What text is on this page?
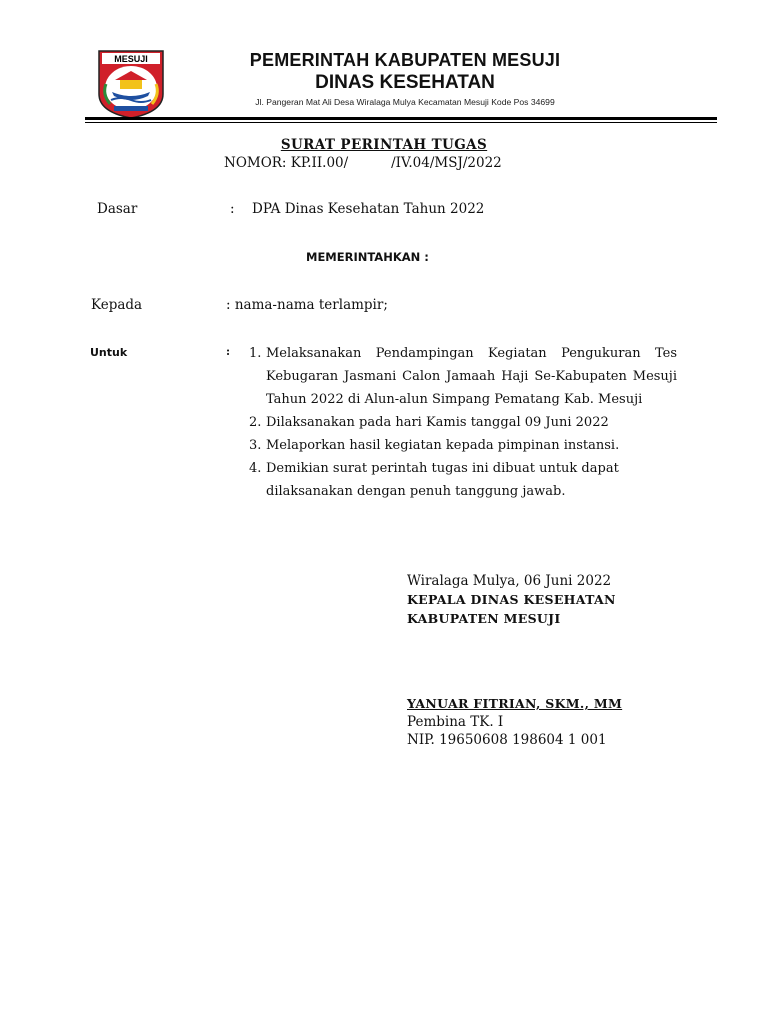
MESUJI	PEMERINTAH KABUPATEN MESUJI
DINAS KESEHATAN
Jl. Pangeran Mat Ali Desa Wiralaga Mulya Kecamatan Mesuji Kode Pos 34699
SURAT PERINTAH TUGAS
NOMOR: KP.II.00/          /IV.04/MSJ/2022
Dasar	: DPA Dinas Kesehatan Tahun 2022
MEMERINTAHKAN :
Kepada	: nama-nama terlampir;
Untuk	: 1. Melaksanakan Pendampingan Kegiatan Pengukuran Tes Kebugaran Jasmani Calon Jamaah Haji Se-Kabupaten Mesuji Tahun 2022 di Alun-alun Simpang Pematang Kab. Mesuji
2. Dilaksanakan pada hari Kamis tanggal 09 Juni 2022
3. Melaporkan hasil kegiatan kepada pimpinan instansi.
4. Demikian surat perintah tugas ini dibuat untuk dapat dilaksanakan dengan penuh tanggung jawab.
Wiralaga Mulya, 06 Juni 2022
KEPALA DINAS KESEHATAN
KABUPATEN MESUJI
YANUAR FITRIAN, SKM., MM
Pembina TK. I
NIP. 19650608 198604 1 001
